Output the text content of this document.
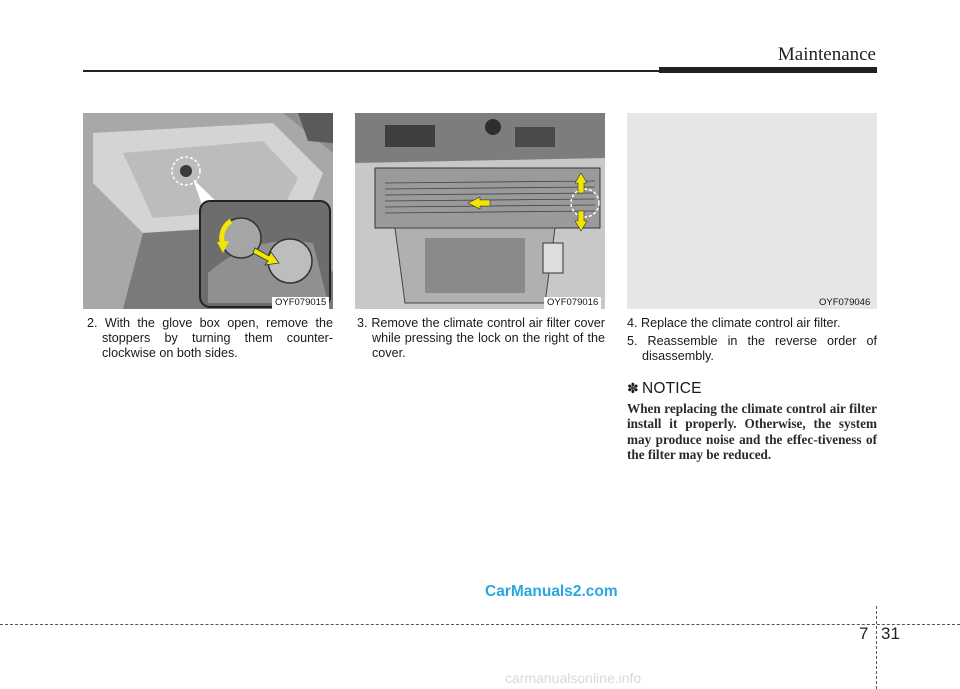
Maintenance
OYF079015	OYF079016	OYF079046

2. With the glove box open, remove the stoppers by turning them counter-clockwise on both sides.

3. Remove the climate control air filter cover while pressing the lock on the right of the cover.

4. Replace the climate control air filter.

5. Reassemble in the reverse order of disassembly.

✽ NOTICE
When replacing the climate control air filter install it properly. Otherwise, the system may produce noise and the effec-tiveness of the filter may be reduced.
CarManuals2.com
7 31
carmanualsonline.info
